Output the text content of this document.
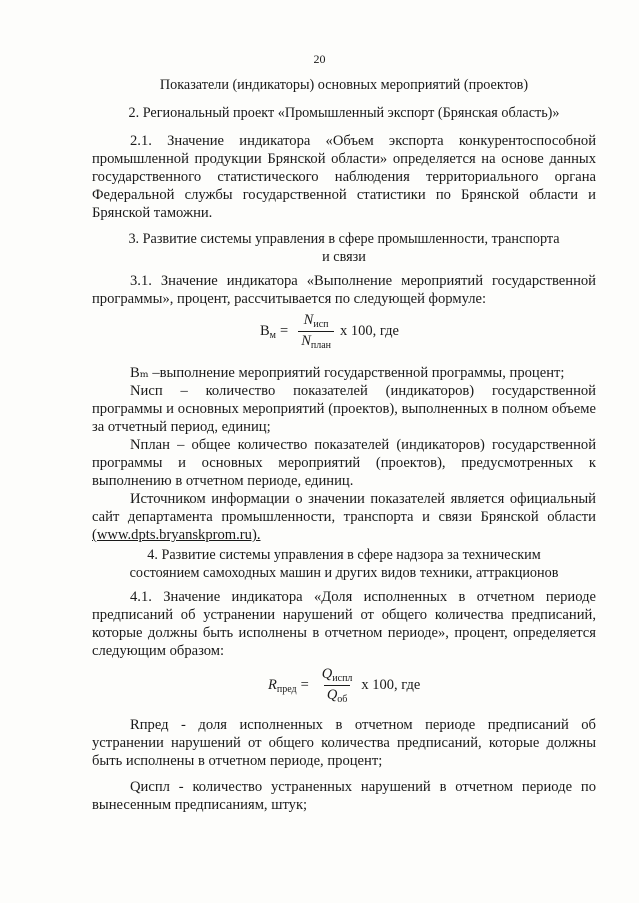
20
Показатели (индикаторы) основных мероприятий (проектов)
2. Региональный проект «Промышленный экспорт (Брянская область)»
2.1. Значение индикатора «Объем экспорта конкурентоспособной промышленной продукции Брянской области» определяется на основе данных государственного статистического наблюдения территориального органа Федеральной службы государственной статистики по Брянской области и Брянской таможни.
3. Развитие системы управления в сфере промышленности, транспорта
и связи
3.1. Значение индикатора «Выполнение мероприятий государственной программы», процент, рассчитывается по следующей формуле:
$В_м = \frac{N_{исп}}{N_{план}}$ x 100, где
Вₘ –выполнение мероприятий государственной программы, процент;
Nисп – количество показателей (индикаторов) государственной программы и основных мероприятий (проектов), выполненных в полном объеме за отчетный период, единиц;
Nплан – общее количество показателей (индикаторов) государственной программы и основных мероприятий (проектов), предусмотренных к выполнению в отчетном периоде, единиц.
Источником информации о значении показателей является официальный сайт департамента промышленности, транспорта и связи Брянской области (www.dpts.bryanskprom.ru).
4. Развитие системы управления в сфере надзора за техническим
состоянием самоходных машин и других видов техники, аттракционов
4.1. Значение индикатора «Доля исполненных в отчетном периоде предписаний об устранении нарушений от общего количества предписаний, которые должны быть исполнены в отчетном периоде», процент, определяется следующим образом:
$R_{пред} = \frac{Q_{испл}}{Q_{об}}$ x 100, где
Rпред - доля исполненных в отчетном периоде предписаний об устранении нарушений от общего количества предписаний, которые должны быть исполнены в отчетном периоде, процент;
Qиспл - количество устраненных нарушений в отчетном периоде по вынесенным предписаниям, штук;
